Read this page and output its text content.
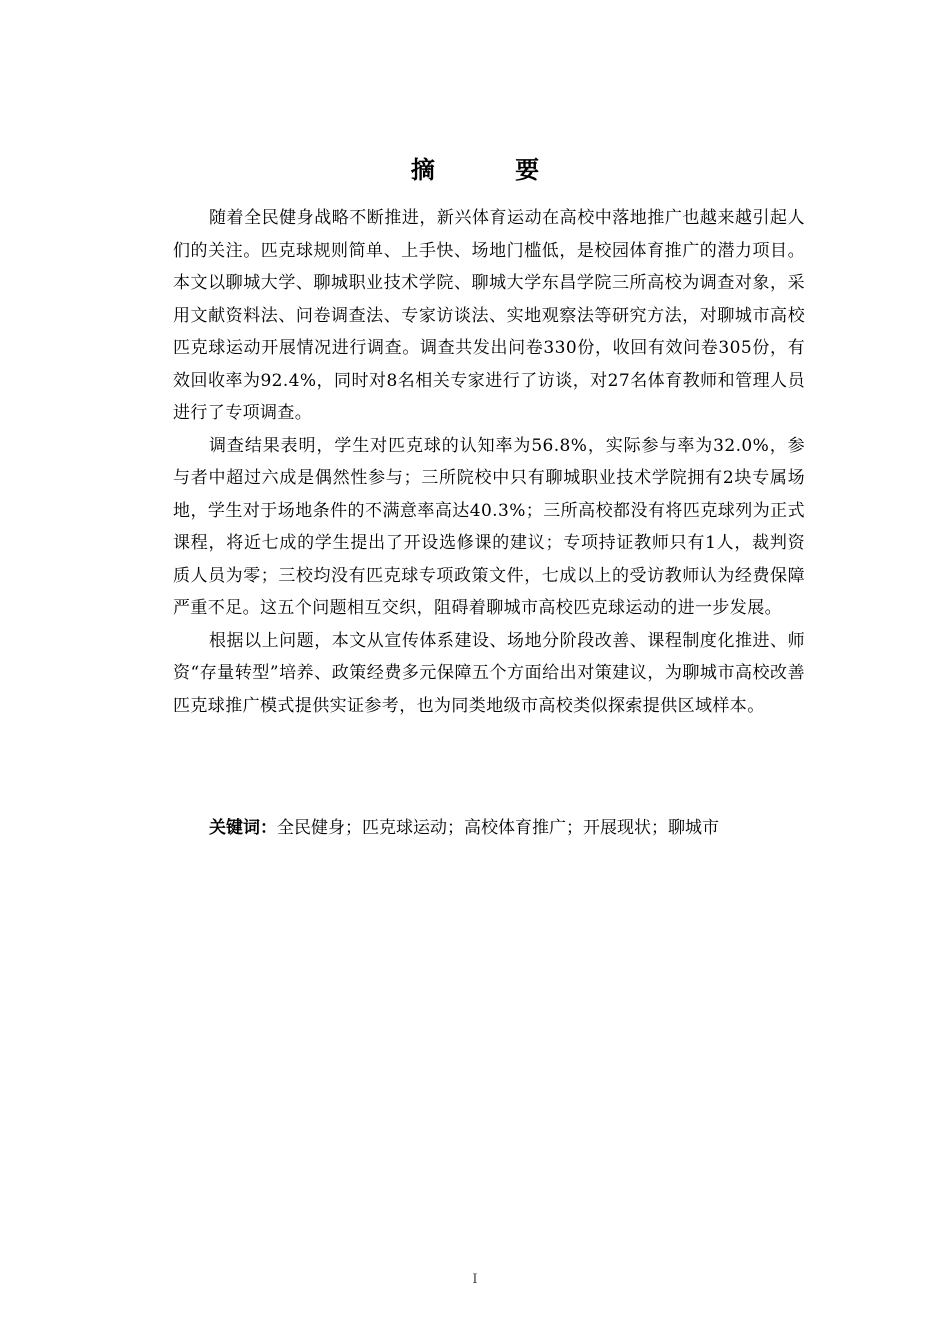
摘 要

随着全民健身战略不断推进，新兴体育运动在高校中落地推广也越来越引起人们的关注。匹克球规则简单、上手快、场地门槛低，是校园体育推广的潜力项目。本文以聊城大学、聊城职业技术学院、聊城大学东昌学院三所高校为调查对象，采用文献资料法、问卷调查法、专家访谈法、实地观察法等研究方法，对聊城市高校匹克球运动开展情况进行调查。调查共发出问卷330份，收回有效问卷305份，有效回收率为92.4%，同时对8名相关专家进行了访谈，对27名体育教师和管理人员进行了专项调查。

调查结果表明，学生对匹克球的认知率为56.8%，实际参与率为32.0%，参与者中超过六成是偶然性参与；三所院校中只有聊城职业技术学院拥有2块专属场地，学生对于场地条件的不满意率高达40.3%；三所高校都没有将匹克球列为正式课程，将近七成的学生提出了开设选修课的建议；专项持证教师只有1人，裁判资质人员为零；三校均没有匹克球专项政策文件，七成以上的受访教师认为经费保障严重不足。这五个问题相互交织，阻碍着聊城市高校匹克球运动的进一步发展。

根据以上问题，本文从宣传体系建设、场地分阶段改善、课程制度化推进、师资“存量转型”培养、政策经费多元保障五个方面给出对策建议，为聊城市高校改善匹克球推广模式提供实证参考，也为同类地级市高校类似探索提供区域样本。

关键词：全民健身；匹克球运动；高校体育推广；开展现状；聊城市
I
